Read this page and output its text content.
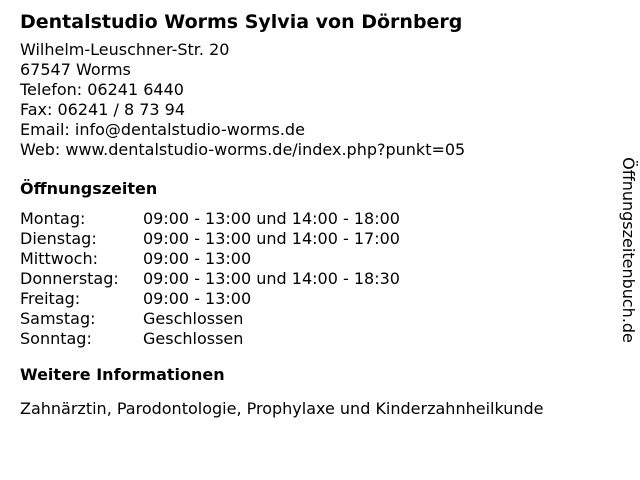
Dentalstudio Worms Sylvia von Dörnberg
Wilhelm-Leuschner-Str. 20
67547 Worms
Telefon: 06241 6440
Fax: 06241 / 8 73 94
Email: info@dentalstudio-worms.de
Web: www.dentalstudio-worms.de/index.php?punkt=05
Öffnungszeiten
Montag:	09:00 - 13:00 und 14:00 - 18:00
Dienstag:	09:00 - 13:00 und 14:00 - 17:00
Mittwoch:	09:00 - 13:00
Donnerstag:	09:00 - 13:00 und 14:00 - 18:30
Freitag:	09:00 - 13:00
Samstag:	Geschlossen
Sonntag:	Geschlossen
Weitere Informationen
Zahnärztin, Parodontologie, Prophylaxe und Kinderzahnheilkunde
Öffnungszeitenbuch.de
